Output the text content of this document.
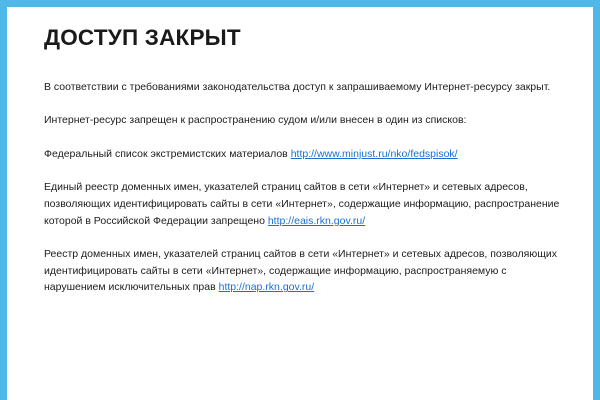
ДОСТУП ЗАКРЫТ

В соответствии с требованиями законодательства доступ к запрашиваемому Интернет-ресурсу закрыт.

Интернет-ресурс запрещен к распространению судом и/или внесен в один из списков:

Федеральный список экстремистских материалов http://www.minjust.ru/nko/fedspisok/

Единый реестр доменных имен, указателей страниц сайтов в сети «Интернет» и сетевых адресов, позволяющих идентифицировать сайты в сети «Интернет», содержащие информацию, распространение которой в Российской Федерации запрещено http://eais.rkn.gov.ru/

Реестр доменных имен, указателей страниц сайтов в сети «Интернет» и сетевых адресов, позволяющих идентифицировать сайты в сети «Интернет», содержащие информацию, распространяемую с нарушением исключительных прав http://nap.rkn.gov.ru/
